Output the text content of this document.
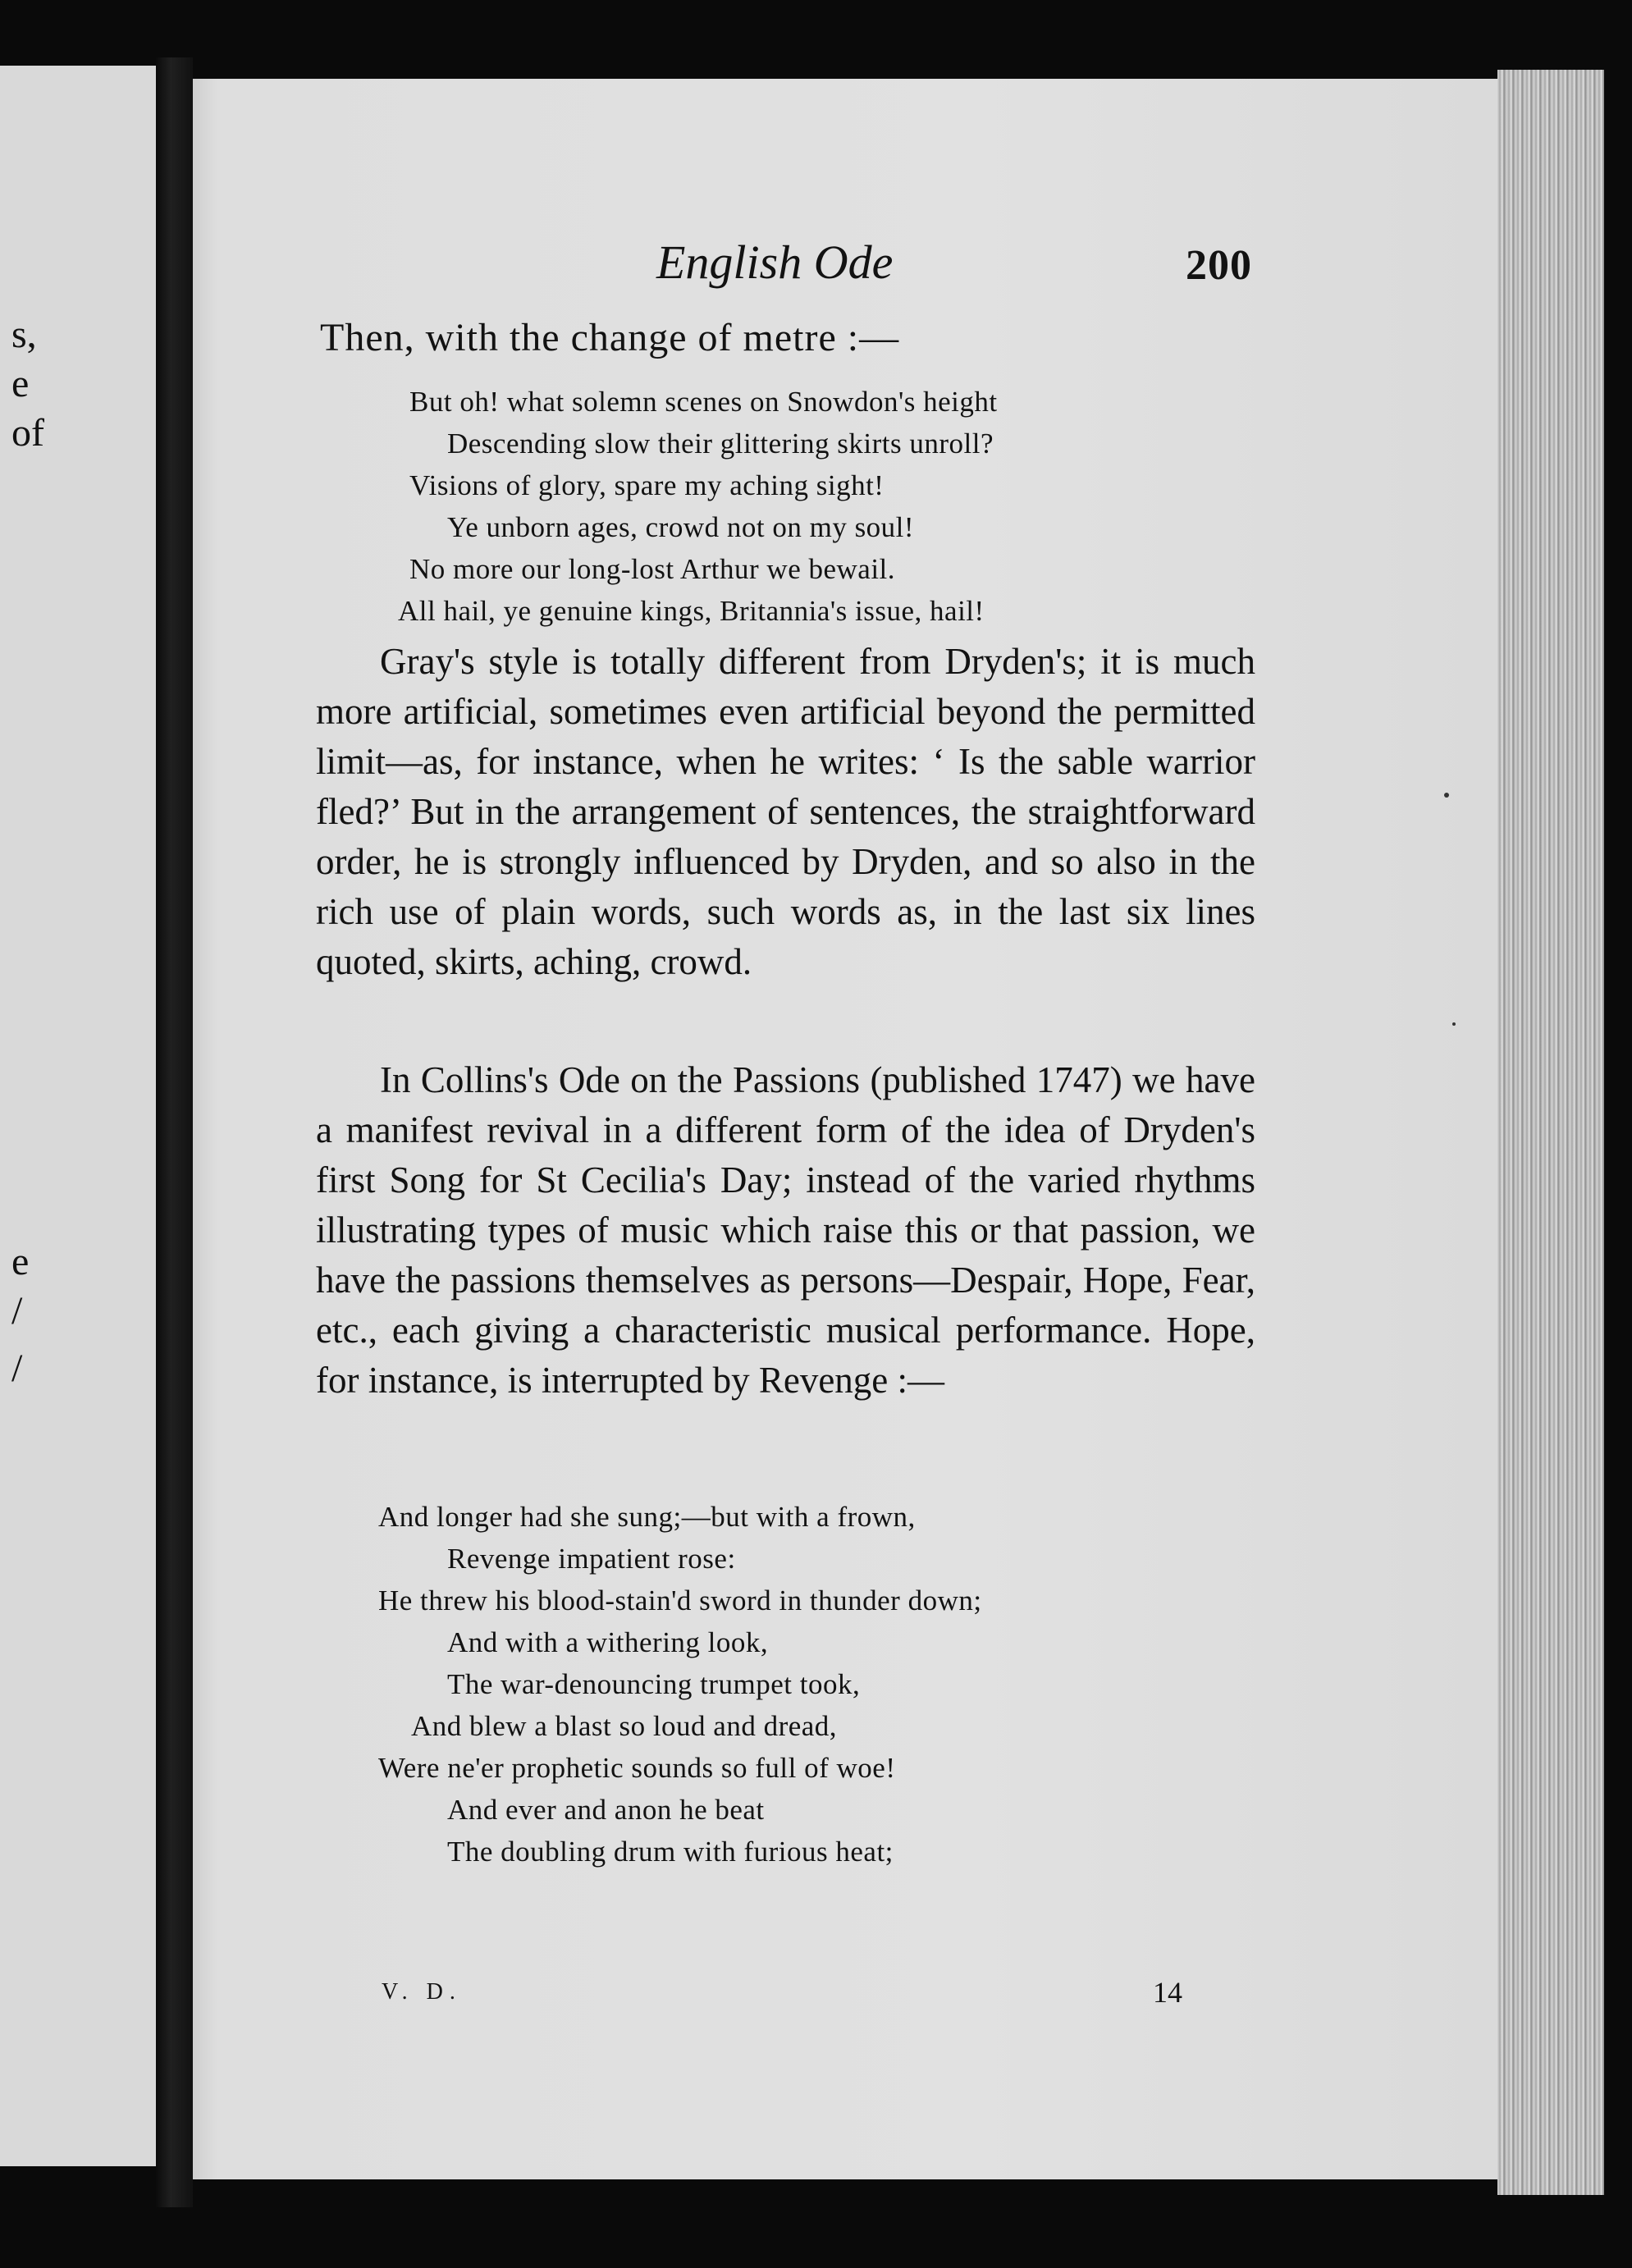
s,
e
of
e
/
/
English Ode	200
Then, with the change of metre :—
But oh! what solemn scenes on Snowdon's height
Descending slow their glittering skirts unroll?
Visions of glory, spare my aching sight!
Ye unborn ages, crowd not on my soul!
No more our long-lost Arthur we bewail.
All hail, ye genuine kings, Britannia's issue, hail!

Gray's style is totally different from Dryden's; it is much more artificial, sometimes even artificial beyond the permitted limit—as, for instance, when he writes: ‘ Is the sable warrior fled?’ But in the arrangement of sentences, the straightforward order, he is strongly influenced by Dryden, and so also in the rich use of plain words, such words as, in the last six lines quoted, skirts, aching, crowd.

In Collins's Ode on the Passions (published 1747) we have a manifest revival in a different form of the idea of Dryden's first Song for St Cecilia's Day; instead of the varied rhythms illustrating types of music which raise this or that passion, we have the passions themselves as persons—Despair, Hope, Fear, etc., each giving a characteristic musical performance. Hope, for instance, is interrupted by Revenge :—

And longer had she sung;—but with a frown,
Revenge impatient rose:
He threw his blood-stain'd sword in thunder down;
And with a withering look,
The war-denouncing trumpet took,
And blew a blast so loud and dread,
Were ne'er prophetic sounds so full of woe!
And ever and anon he beat
The doubling drum with furious heat;
V. D.	14
